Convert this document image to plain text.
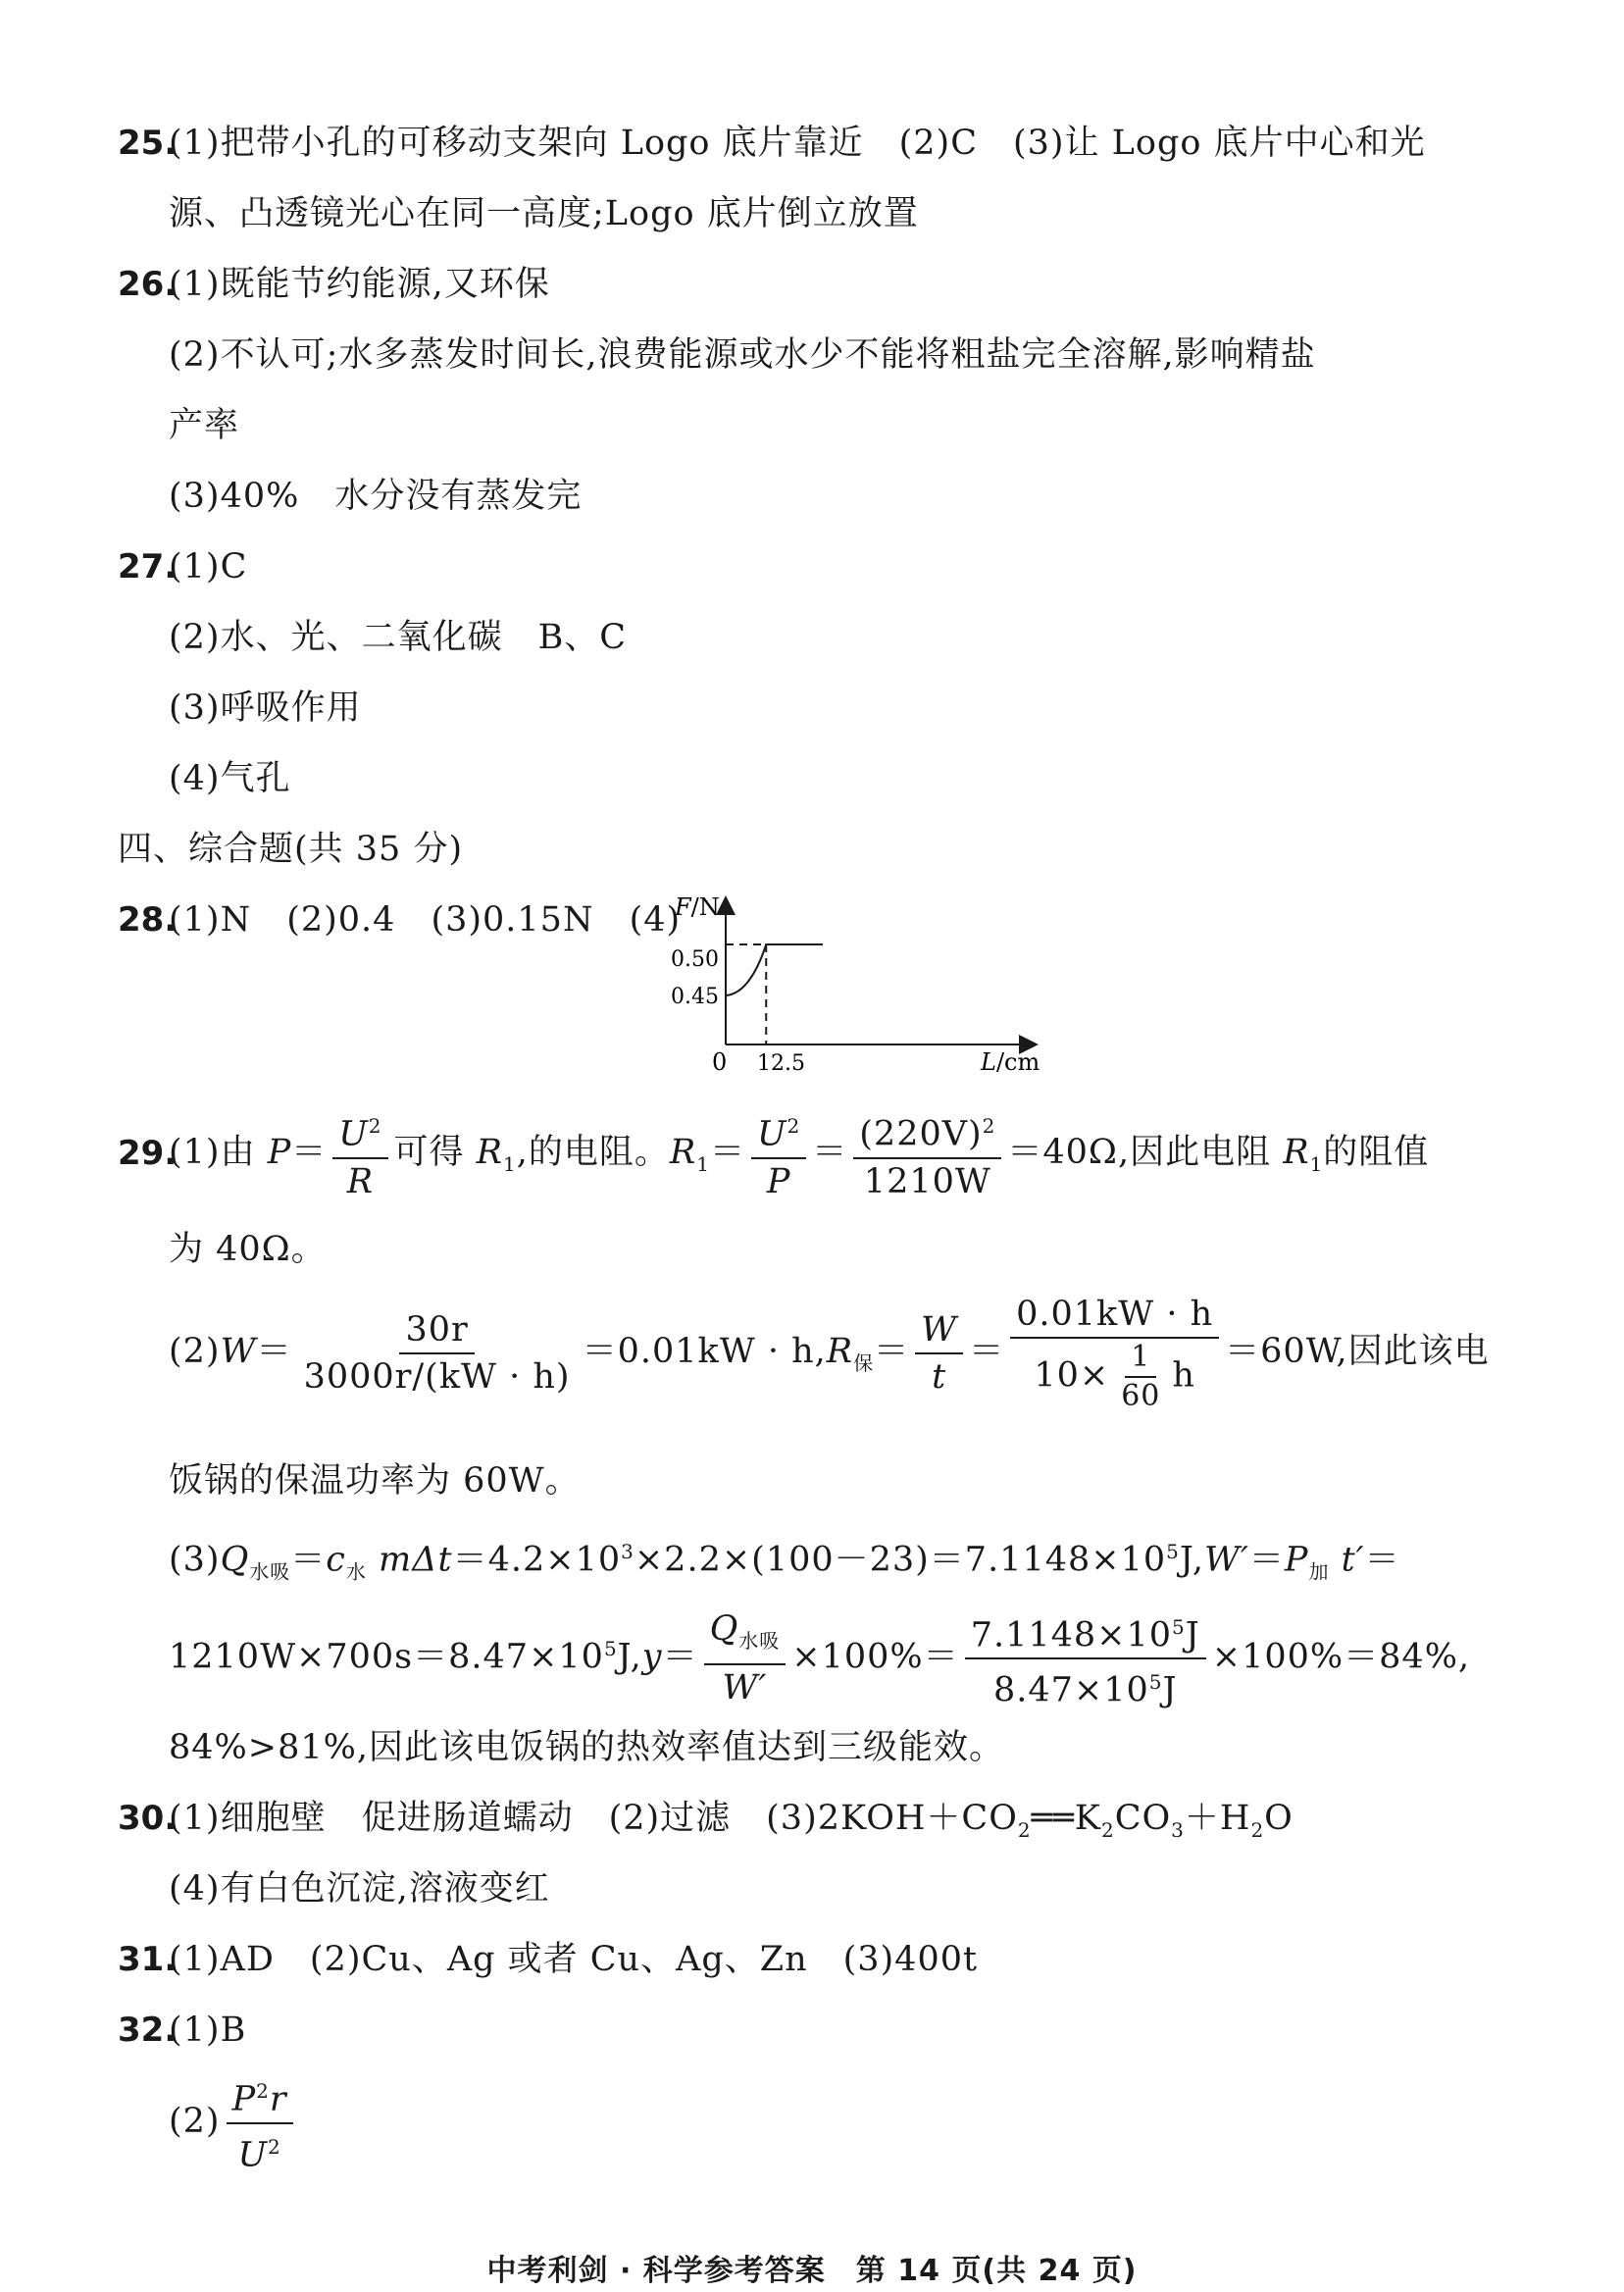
25.
(1)把带小孔的可移动支架向 Logo 底片靠近　(2)C　(3)让 Logo 底片中心和光
源、凸透镜光心在同一高度;Logo 底片倒立放置
26.
(1)既能节约能源,又环保
(2)不认可;水多蒸发时间长,浪费能源或水少不能将粗盐完全溶解,影响精盐
产率
(3)40%　水分没有蒸发完
27.
(1)C
(2)水、光、二氧化碳　B、C
(3)呼吸作用
(4)气孔
四、综合题(共 35 分)
28.
(1)N　(2)0.4　(3)0.15N　(4)
F/N
L/cm
0 12.5
0.50
0.45
29.
(1)由 $P= \frac{U^2}{R}$ 可得 $R_1$,的电阻。$R_1= \frac{U^2}{P} = \frac{(220V)^2}{1210W} =40\Omega$,因此电阻 $R_1$的阻值
为 40Ω。
$(2)W= \frac{30r}{3000r/(kW \cdot h)} =0.01kW \cdot h,R_保= \frac{W}{t} = \frac{0.01kW \cdot h}{10\times \frac{1}{60} h} =60W$,因此该电
饭锅的保温功率为 60W。
$(3)Q_{水吸}=c_水$ $m\Delta t=4.2\times 10^3\times 2.2\times(100-23)=7.1148\times 10^5J,W'=P_加$ t′＝
$1210W\times 700s=8.47\times 10^5J,y= \frac{Q_{水吸}}{W'} \times 100\%= \frac{7.1148\times 10^5J}{8.47\times 10^5J} \times 100\%=84\%$,
84%>81%,因此该电饭锅的热效率值达到三级能效。
30.
(1)细胞壁　促进肠道蠕动　(2)过滤　$(3)2KOH+CO_2══K_2CO_3+H_2O$
(4)有白色沉淀,溶液变红
31.
(1)AD　(2)Cu、Ag 或者 Cu、Ag、Zn　(3)400t
32.
(1)B
$(2) \frac{P^2r}{U^2}$
中考利剑 · 科学参考答案　第 14 页(共 24 页)
